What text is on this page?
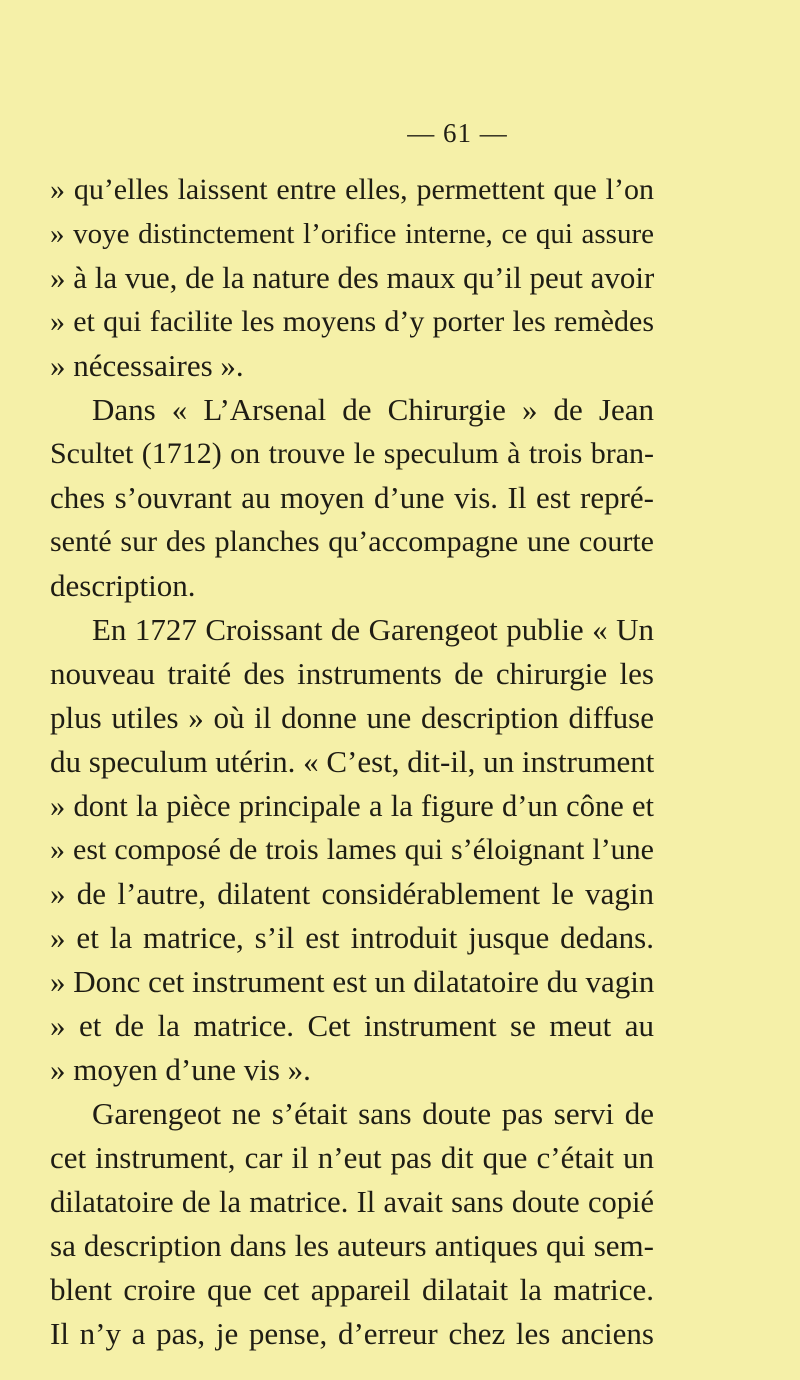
— 61 —
» qu’elles laissent entre elles, permettent que l’on
» voye distinctement l’orifice interne, ce qui assure
» à la vue, de la nature des maux qu’il peut avoir
» et qui facilite les moyens d’y porter les remèdes
» nécessaires ».
Dans « L’Arsenal de Chirurgie » de Jean
Scultet (1712) on trouve le speculum à trois bran-
ches s’ouvrant au moyen d’une vis. Il est repré-
senté sur des planches qu’accompagne une courte
description.
En 1727 Croissant de Garengeot publie « Un
nouveau traité des instruments de chirurgie les
plus utiles » où il donne une description diffuse
du speculum utérin. « C’est, dit-il, un instrument
» dont la pièce principale a la figure d’un cône et
» est composé de trois lames qui s’éloignant l’une
» de l’autre, dilatent considérablement le vagin
» et la matrice, s’il est introduit jusque dedans.
» Donc cet instrument est un dilatatoire du vagin
» et de la matrice. Cet instrument se meut au
» moyen d’une vis ».
Garengeot ne s’était sans doute pas servi de
cet instrument, car il n’eut pas dit que c’était un
dilatatoire de la matrice. Il avait sans doute copié
sa description dans les auteurs antiques qui sem-
blent croire que cet appareil dilatait la matrice.
Il n’y a pas, je pense, d’erreur chez les anciens
